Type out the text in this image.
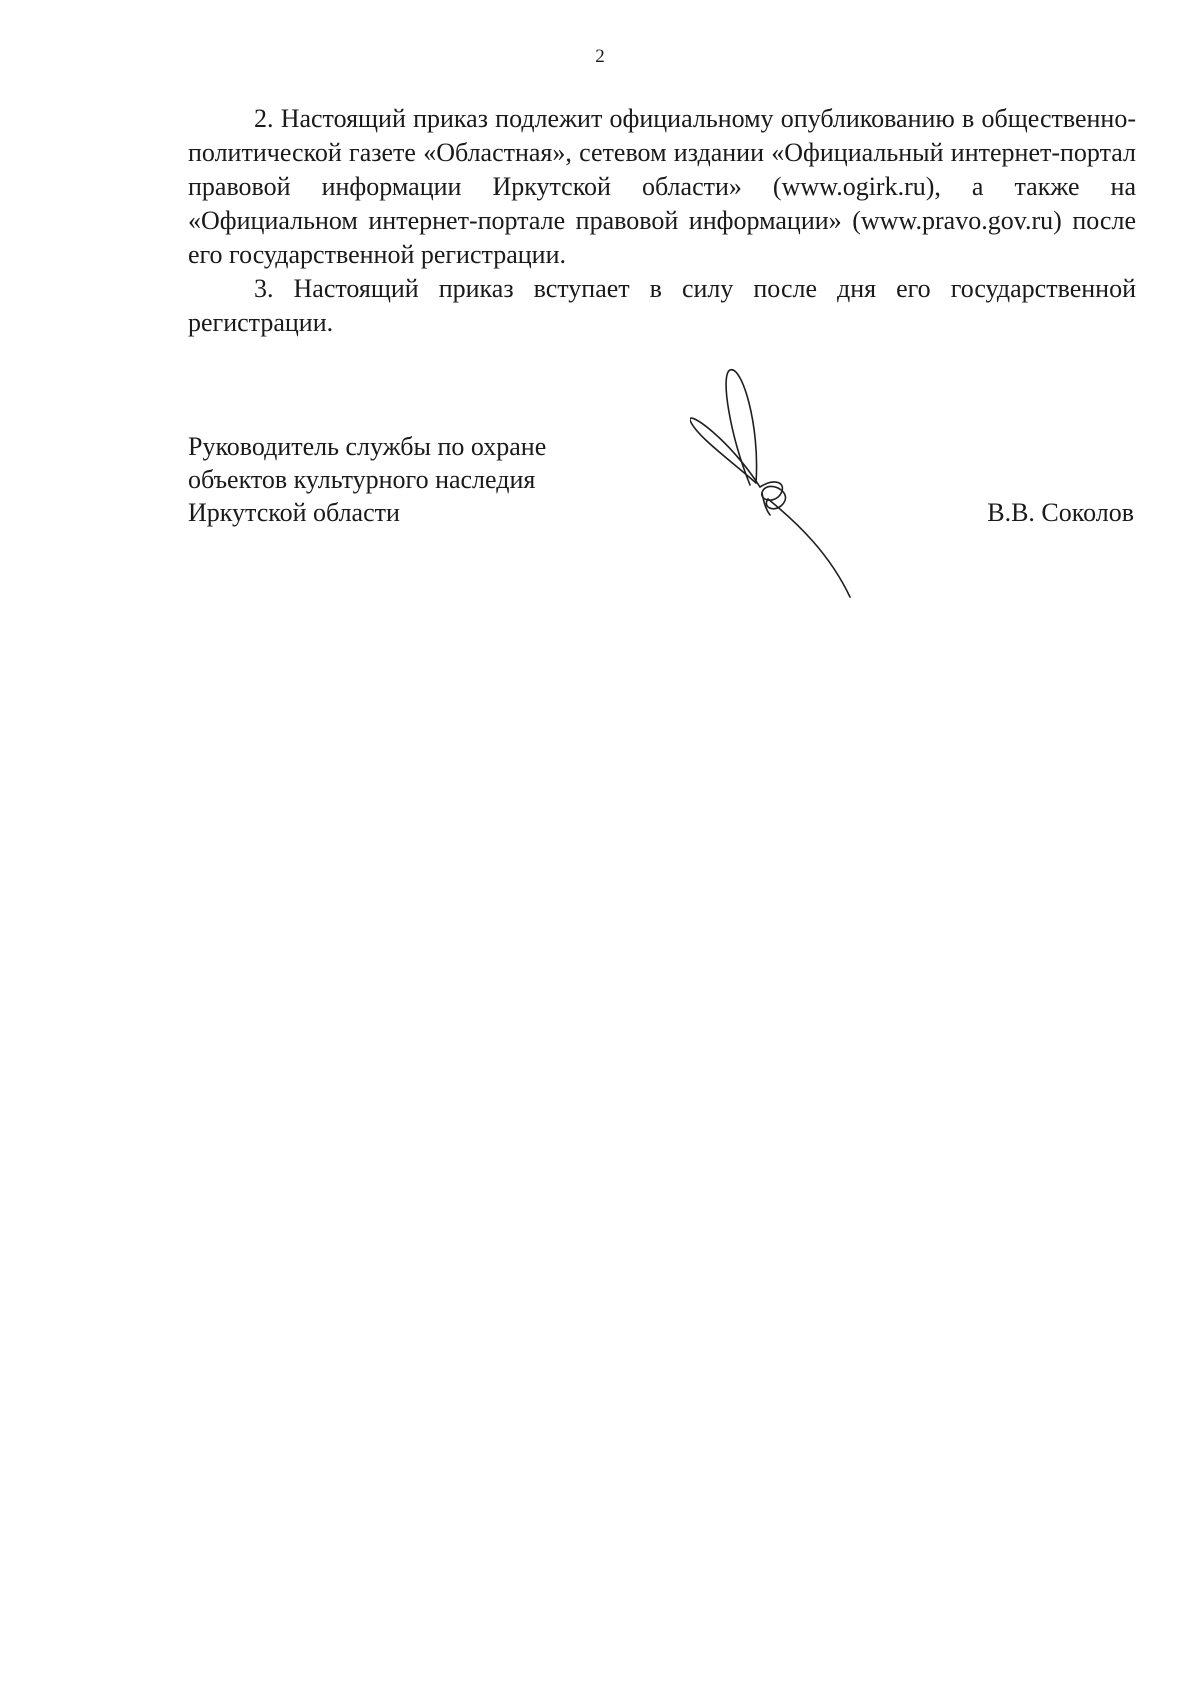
2

2. Настоящий приказ подлежит официальному опубликованию в общественно-политической газете «Областная», сетевом издании «Официальный интернет-портал правовой информации Иркутской области» (www.ogirk.ru), а также на «Официальном интернет-портале правовой информации» (www.pravo.gov.ru) после его государственной регистрации.

3. Настоящий приказ вступает в силу после дня его государственной регистрации.

Руководитель службы по охране
объектов культурного наследия
Иркутской области	В.В. Соколов
